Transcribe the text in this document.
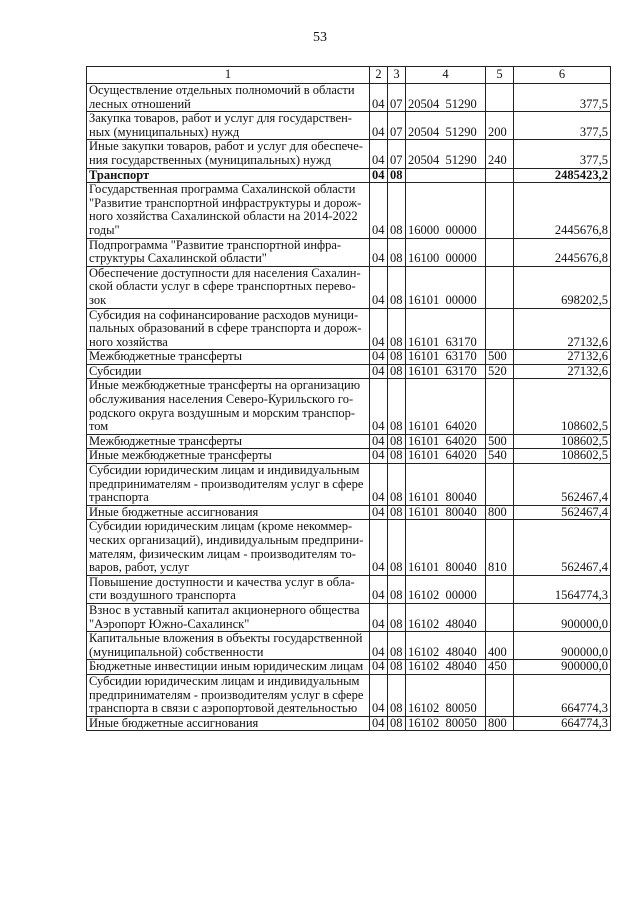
53
1	2	3	4	5	6
Осуществление отдельных полномочий в области лесных отношений	04	07	20504  51290		377,5
Закупка товаров, работ и услуг для государствен-ных (муниципальных) нужд	04	07	20504  51290	200	377,5
Иные закупки товаров, работ и услуг для обеспече-ния государственных (муниципальных) нужд	04	07	20504  51290	240	377,5
Транспорт	04	08			2485423,2
Государственная программа Сахалинской области "Развитие транспортной инфраструктуры и дорож-ного хозяйства Сахалинской области на 2014-2022 годы"	04	08	16000  00000		2445676,8
Подпрограмма "Развитие транспортной инфра-структуры Сахалинской области"	04	08	16100  00000		2445676,8
Обеспечение доступности для населения Сахалин-ской области услуг в сфере транспортных перево-зок	04	08	16101  00000		698202,5
Субсидия на софинансирование расходов муници-пальных образований в сфере транспорта и дорож-ного хозяйства	04	08	16101  63170		27132,6
Межбюджетные трансферты	04	08	16101  63170	500	27132,6
Субсидии	04	08	16101  63170	520	27132,6
Иные межбюджетные трансферты на организацию обслуживания населения Северо-Курильского го-родского округа воздушным и морским транспор-том	04	08	16101  64020		108602,5
Межбюджетные трансферты	04	08	16101  64020	500	108602,5
Иные межбюджетные трансферты	04	08	16101  64020	540	108602,5
Субсидии юридическим лицам и индивидуальным предпринимателям - производителям услуг в сфере транспорта	04	08	16101  80040		562467,4
Иные бюджетные ассигнования	04	08	16101  80040	800	562467,4
Субсидии юридическим лицам (кроме некоммер-ческих организаций), индивидуальным предприни-мателям, физическим лицам - производителям то-варов, работ, услуг	04	08	16101  80040	810	562467,4
Повышение доступности и качества услуг в обла-сти воздушного транспорта	04	08	16102  00000		1564774,3
Взнос в уставный капитал акционерного общества "Аэропорт Южно-Сахалинск"	04	08	16102  48040		900000,0
Капитальные вложения в объекты государственной (муниципальной) собственности	04	08	16102  48040	400	900000,0
Бюджетные инвестиции иным юридическим лицам	04	08	16102  48040	450	900000,0
Субсидии юридическим лицам и индивидуальным предпринимателям - производителям услуг в сфере транспорта в связи с аэропортовой деятельностью	04	08	16102  80050		664774,3
Иные бюджетные ассигнования	04	08	16102  80050	800	664774,3
